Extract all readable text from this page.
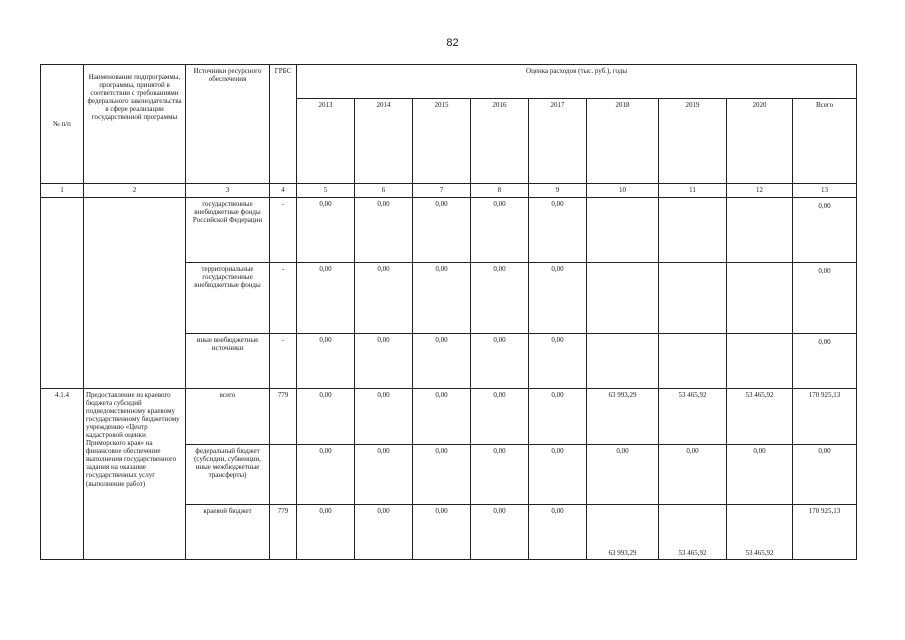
82
№ п/п	Наименование подпрограммы, программы, принятой в соответствии с требованиями федерального законодательства в сфере реализации государственной программы	Источники ресурсного обеспечения	ГРБС	Оценка расходов (тыс. руб.), годы								
				2013	2014	2015	2016	2017	2018	2019	2020	Всего
1	2	3	4	5	6	7	8	9	10	11	12	13
		государственные внебюджетные фонды Российской Федерации	-	0,00	0,00	0,00	0,00	0,00				0,00
		территориальные государственные внебюджетные фонды	-	0,00	0,00	0,00	0,00	0,00				0,00
		иные внебюджетные источники	-	0,00	0,00	0,00	0,00	0,00				0,00
4.1.4	Предоставление из краевого бюджета субсидий подведомственному краевому государственному бюджетному учреждению «Центр кадастровой оценки Приморского края» на финансовое обеспечение выполнения государственного задания на оказание государственных услуг (выполнение работ)	всего	779	0,00	0,00	0,00	0,00	0,00	63 993,29	53 465,92	53 465,92	170 925,13
		федеральный бюджет (субсидии, субвенции, иные межбюджетные трансферты)		0,00	0,00	0,00	0,00	0,00	0,00	0,00	0,00	0,00
		краевой бюджет	779	0,00	0,00	0,00	0,00	0,00	63 993,29	53 465,92	53 465,92	170 925,13
